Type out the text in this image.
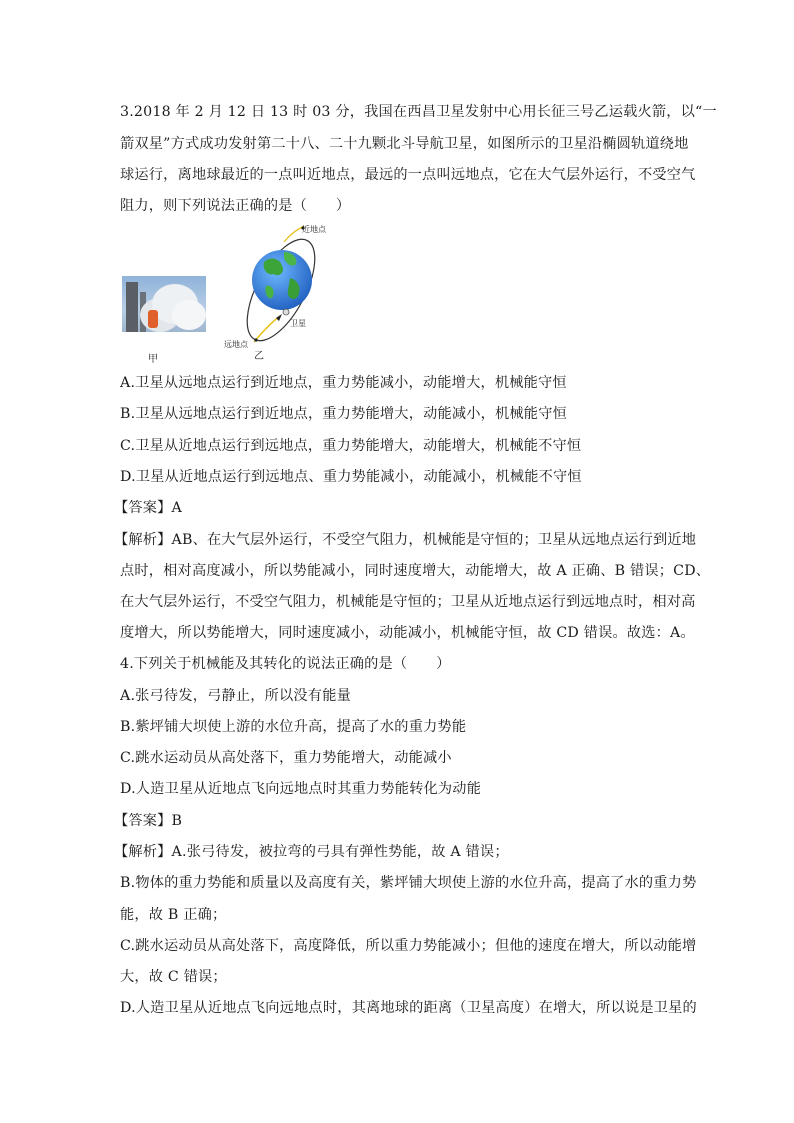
3.2018 年 2 月 12 日 13 时 03 分，我国在西昌卫星发射中心用长征三号乙运载火箭，以“一
箭双星”方式成功发射第二十八、二十九颗北斗导航卫星，如图所示的卫星沿椭圆轨道绕地
球运行，离地球最近的一点叫近地点，最远的一点叫远地点，它在大气层外运行，不受空气
阻力，则下列说法正确的是（　　）
甲
近地点
卫星
远地点
乙
A.卫星从远地点运行到近地点，重力势能减小，动能增大，机械能守恒
B.卫星从远地点运行到近地点，重力势能增大，动能减小，机械能守恒
C.卫星从近地点运行到远地点，重力势能增大，动能增大，机械能不守恒
D.卫星从近地点运行到远地点、重力势能减小，动能减小，机械能不守恒
【答案】A
【解析】AB、在大气层外运行，不受空气阻力，机械能是守恒的；卫星从远地点运行到近地
点时，相对高度减小，所以势能减小，同时速度增大，动能增大，故 A 正确、B 错误；CD、
在大气层外运行，不受空气阻力，机械能是守恒的；卫星从近地点运行到远地点时，相对高
度增大，所以势能增大，同时速度减小，动能减小，机械能守恒，故 CD 错误。故选：A。
4.下列关于机械能及其转化的说法正确的是（　　）
A.张弓待发，弓静止，所以没有能量
B.紫坪铺大坝使上游的水位升高，提高了水的重力势能
C.跳水运动员从高处落下，重力势能增大，动能减小
D.人造卫星从近地点飞向远地点时其重力势能转化为动能
【答案】B
【解析】A.张弓待发，被拉弯的弓具有弹性势能，故 A 错误；
B.物体的重力势能和质量以及高度有关，紫坪铺大坝使上游的水位升高，提高了水的重力势
能，故 B 正确；
C.跳水运动员从高处落下，高度降低，所以重力势能减小；但他的速度在增大，所以动能增
大，故 C 错误；
D.人造卫星从近地点飞向远地点时，其离地球的距离（卫星高度）在增大，所以说是卫星的
